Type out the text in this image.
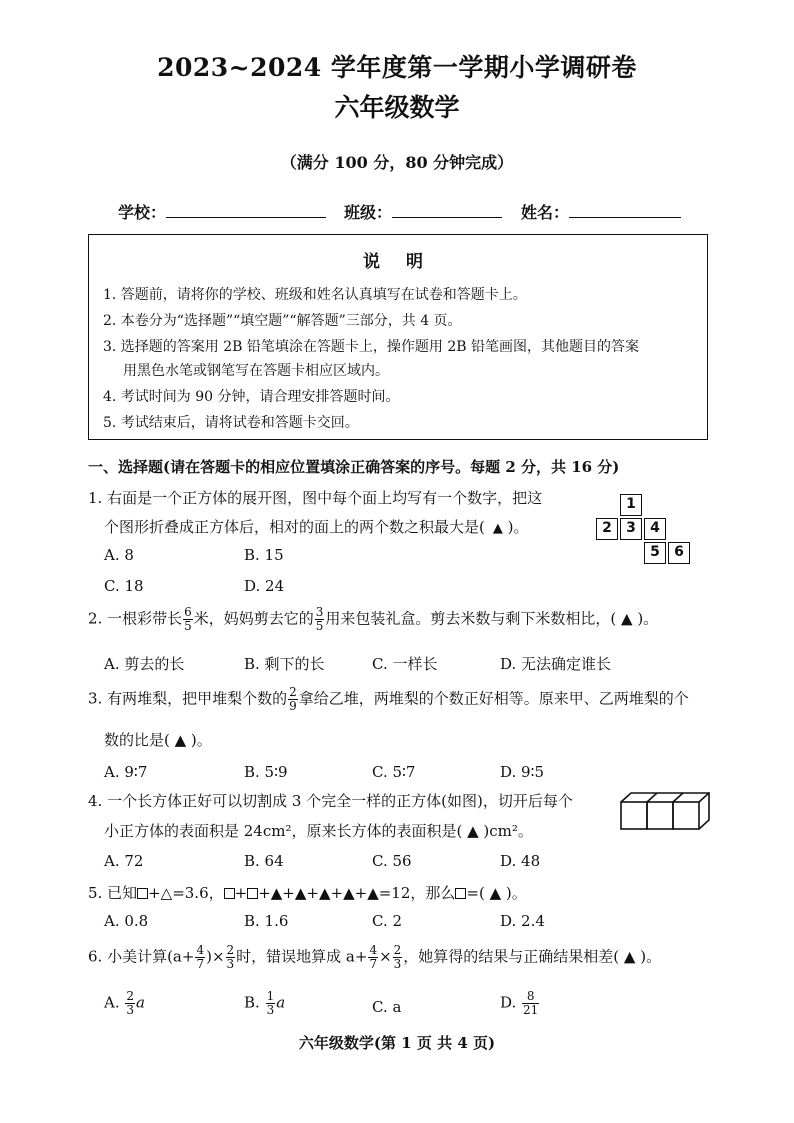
2023~2024 学年度第一学期小学调研卷
六年级数学
（满分 100 分，80 分钟完成）
学校：	班级：	姓名：
说 明
1. 答题前，请将你的学校、班级和姓名认真填写在试卷和答题卡上。
2. 本卷分为“选择题”“填空题”“解答题”三部分，共 4 页。
3. 选择题的答案用 2B 铅笔填涂在答题卡上，操作题用 2B 铅笔画图，其他题目的答案
用黑色水笔或钢笔写在答题卡相应区域内。
4. 考试时间为 90 分钟，请合理安排答题时间。
5. 考试结束后，请将试卷和答题卡交回。
一、选择题(请在答题卡的相应位置填涂正确答案的序号。每题 2 分，共 16 分)
1. 右面是一个正方体的展开图，图中每个面上均写有一个数字，把这
个图形折叠成正方体后，相对的面上的两个数之积最大是( ▲ )。
A. 8	B. 15
C. 18	D. 24
1
2	3	4
5	6
2. 一根彩带长 $\frac{6}{5}$ 米，妈妈剪去它的 $\frac{3}{5}$ 用来包装礼盒。剪去米数与剩下米数相比，( ▲ )。
A. 剪去的长	B. 剩下的长	C. 一样长	D. 无法确定谁长
3. 有两堆梨，把甲堆梨个数的 $\frac{2}{9}$ 拿给乙堆，两堆梨的个数正好相等。原来甲、乙两堆梨的个
数的比是( ▲ )。
A. 9∶7	B. 5∶9	C. 5∶7	D. 9∶5
4. 一个长方体正好可以切割成 3 个完全一样的正方体(如图)，切开后每个
小正方体的表面积是 24cm²，原来长方体的表面积是( ▲ )cm²。
A. 72	B. 64	C. 56	D. 48
5. 已知 +△=3.6， + +▲+▲+▲+▲+▲=12，那么 =( ▲ )。
A. 0.8	B. 1.6	C. 2	D. 2.4
6. 小美计算($a+ \frac{4}{7}$ )× $\frac{2}{3}$ 时，错误地算成 $a+ \frac{4}{7} \times \frac{2}{3}$ ，她算得的结果与正确结果相差( ▲ )。
A. $\frac{2}{3}$ a	B. $\frac{1}{3}$ a	C. a	D. $\frac{8}{21}$
六年级数学(第 1 页 共 4 页)
